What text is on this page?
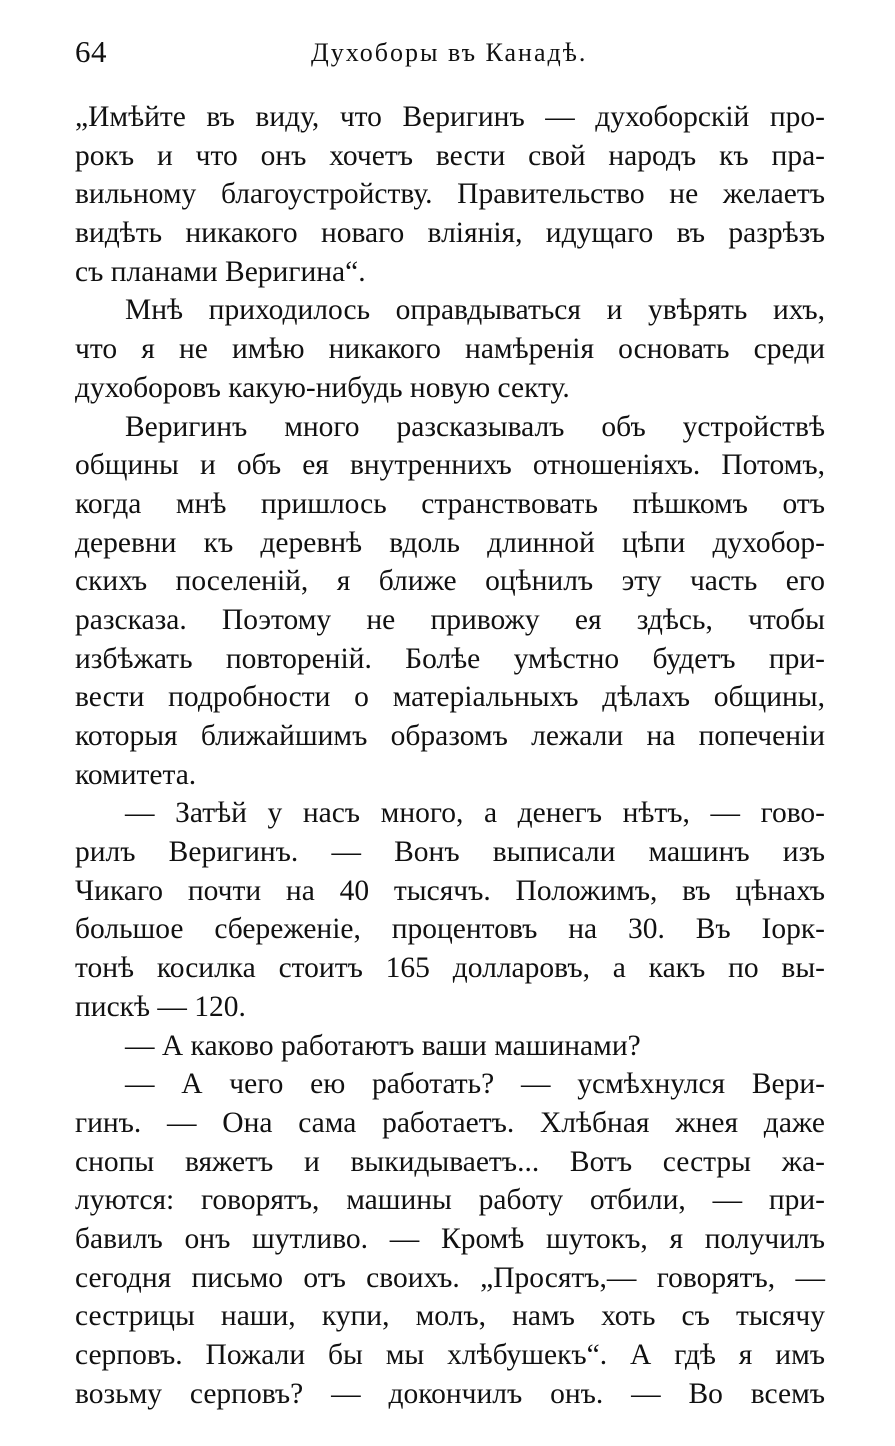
64	Духоборы въ Канадѣ.
„Имѣйте въ виду, что Веригинъ — духоборскій про-
рокъ и что онъ хочетъ вести свой народъ къ пра-
вильному благоустройству. Правительство не желаетъ
видѣть никакого новаго вліянія, идущаго въ разрѣзъ
съ планами Веригина“.
Мнѣ приходилось оправдываться и увѣрять ихъ,
что я не имѣю никакого намѣренія основать среди
духоборовъ какую-нибудь новую секту.
Веригинъ много разсказывалъ объ устройствѣ
общины и объ ея внутреннихъ отношеніяхъ. Потомъ,
когда мнѣ пришлось странствовать пѣшкомъ отъ
деревни къ деревнѣ вдоль длинной цѣпи духобор-
скихъ поселеній, я ближе оцѣнилъ эту часть его
разсказа. Поэтому не привожу ея здѣсь, чтобы
избѣжать повтореній. Болѣе умѣстно будетъ при-
вести подробности о матеріальныхъ дѣлахъ общины,
которыя ближайшимъ образомъ лежали на попеченіи
комитета.
— Затѣй у насъ много, а денегъ нѣтъ, — гово-
рилъ Веригинъ. — Вонъ выписали машинъ изъ
Чикаго почти на 40 тысячъ. Положимъ, въ цѣнахъ
большое сбереженіе, процентовъ на 30. Въ Іорк-
тонѣ косилка стоитъ 165 долларовъ, а какъ по вы-
пискѣ — 120.
— А каково работаютъ ваши машинами?
— А чего ею работать? — усмѣхнулся Вери-
гинъ. — Она сама работаетъ. Хлѣбная жнея даже
снопы вяжетъ и выкидываетъ... Вотъ сестры жа-
луются: говорятъ, машины работу отбили, — при-
бавилъ онъ шутливо. — Кромѣ шутокъ, я получилъ
сегодня письмо отъ своихъ. „Просятъ,— говорятъ, —
сестрицы наши, купи, молъ, намъ хоть съ тысячу
серповъ. Пожали бы мы хлѣбушекъ“. А гдѣ я имъ
возьму серповъ? — докончилъ онъ. — Во всемъ
